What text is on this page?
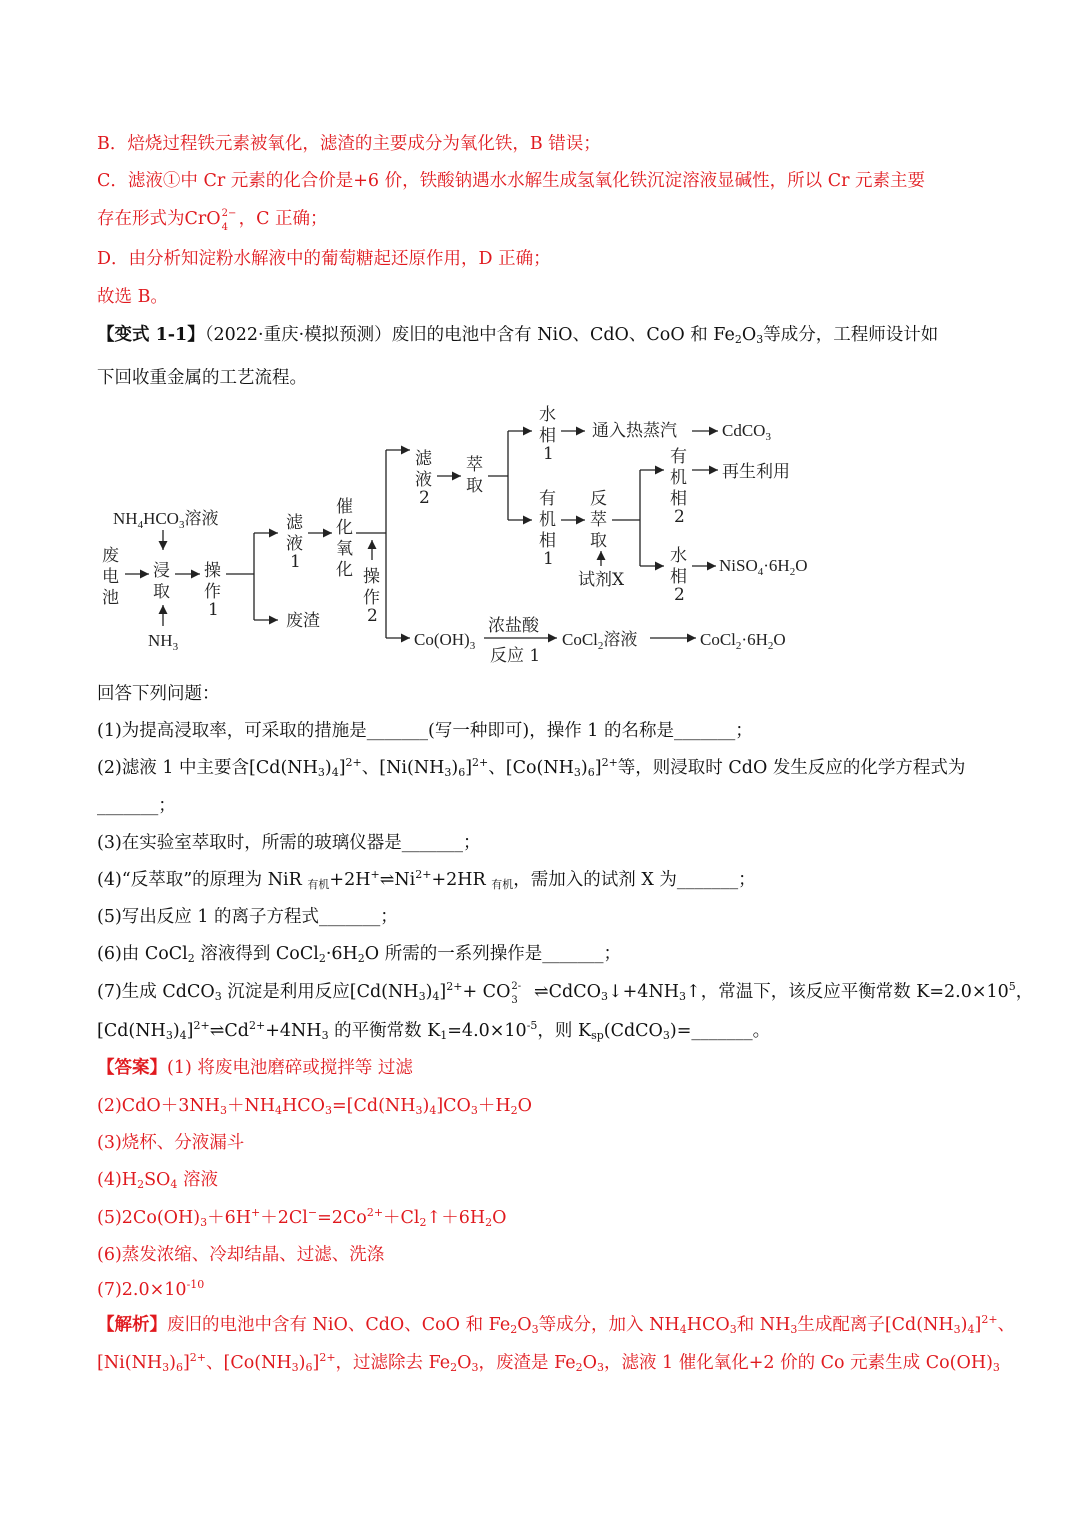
B．焙烧过程铁元素被氧化，滤渣的主要成分为氧化铁，B 错误；
C．滤液①中 Cr 元素的化合价是+6 价，铁酸钠遇水水解生成氢氧化铁沉淀溶液显碱性，所以 Cr 元素主要
存在形式为CrO 2−
4 ，C 正确；
D．由分析知淀粉水解液中的葡萄糖起还原作用，D 正确；
故选 B。
【变式 1-1】（2022·重庆·模拟预测）废旧的电池中含有 NiO、CdO、CoO 和 $Fe_2O_3$等成分，工程师设计如
下回收重金属的工艺流程。
废 电 池
$NH_4HCO_3$溶液
浸 取
$NH_3$
操 作 1
滤 液 1
废渣
催 化 氧 化 操 作 2
滤 液 2
萃 取
水 相 1
通入热蒸汽	CdCO$_3$
有 机 相 1
反 萃 取
试剂X
有 机 相 2
再生利用
水 相 2
$NiSO_4\cdot 6H_2O$
$Co(OH)_3$
浓盐酸
反应 1
CoCl$_2$溶液	$CoCl_2\cdot 6H_2O$
回答下列问题：
(1)为提高浸取率，可采取的措施是_______(写一种即可)，操作 1 的名称是_______；
(2)滤液 1 中主要含$[Cd(NH_3)_4]^{2+}$、$[Ni(NH_3)_6]^{2+}$、$[Co(NH_3)_6]^{2+}$等，则浸取时 CdO 发生反应的化学方程式为
_______；
(3)在实验室萃取时，所需的玻璃仪器是_______；
(4)“反萃取”的原理为 NiR $_{有机}+2H^+\rightleftharpoons Ni^{2+}+2HR$ $_{有机}$，需加入的试剂 X 为_______；
(5)写出反应 1 的离子方程式_______；
(6)由 CoCl$_2$ 溶液得到 $CoCl_2\cdot 6H_2O$ 所需的一系列操作是_______；
(7)生成 CdCO$_3$ 沉淀是利用反应$[Cd(NH_3)_4]^{2+}+$ CO 2-
3 $\rightleftharpoons CdCO_3↓+4NH_3↑$，常温下，该反应平衡常数 $K=2.0\times 10^5$，
$[Cd(NH_3)_4]^{2+}\rightleftharpoons Cd^{2+}+4NH_3$ 的平衡常数 $K_1=4.0\times 10^{-5}$，则 $K_{sp}(CdCO_3)=\_\_\_\_\_\_\_$。
【答案】(1) 将废电池磨碎或搅拌等 过滤
$(2)CdO+3NH_3+NH_4HCO_3=[Cd(NH_3)_4]CO_3+H_2O$
(3)烧杯、分液漏斗
$(4)H_2SO_4$ 溶液
$(5)2Co(OH)_3+6H^++2Cl^-=2Co^{2+}+Cl_2↑+6H_2O$
(6)蒸发浓缩、冷却结晶、过滤、洗涤
$(7)2.0\times 10^{-10}$
【解析】废旧的电池中含有 NiO、CdO、CoO 和 $Fe_2O_3$等成分，加入 $NH_4HCO_3$和 $NH_3$生成配离子$[Cd(NH_3)_4]^{2+}$、
$[Ni(NH_3)_6]^{2+}$、$[Co(NH_3)_6]^{2+}$，过滤除去 $Fe_2O_3$，废渣是 $Fe_2O_3$，滤液 1 催化氧化+2 价的 Co 元素生成 $Co(OH)_3$
